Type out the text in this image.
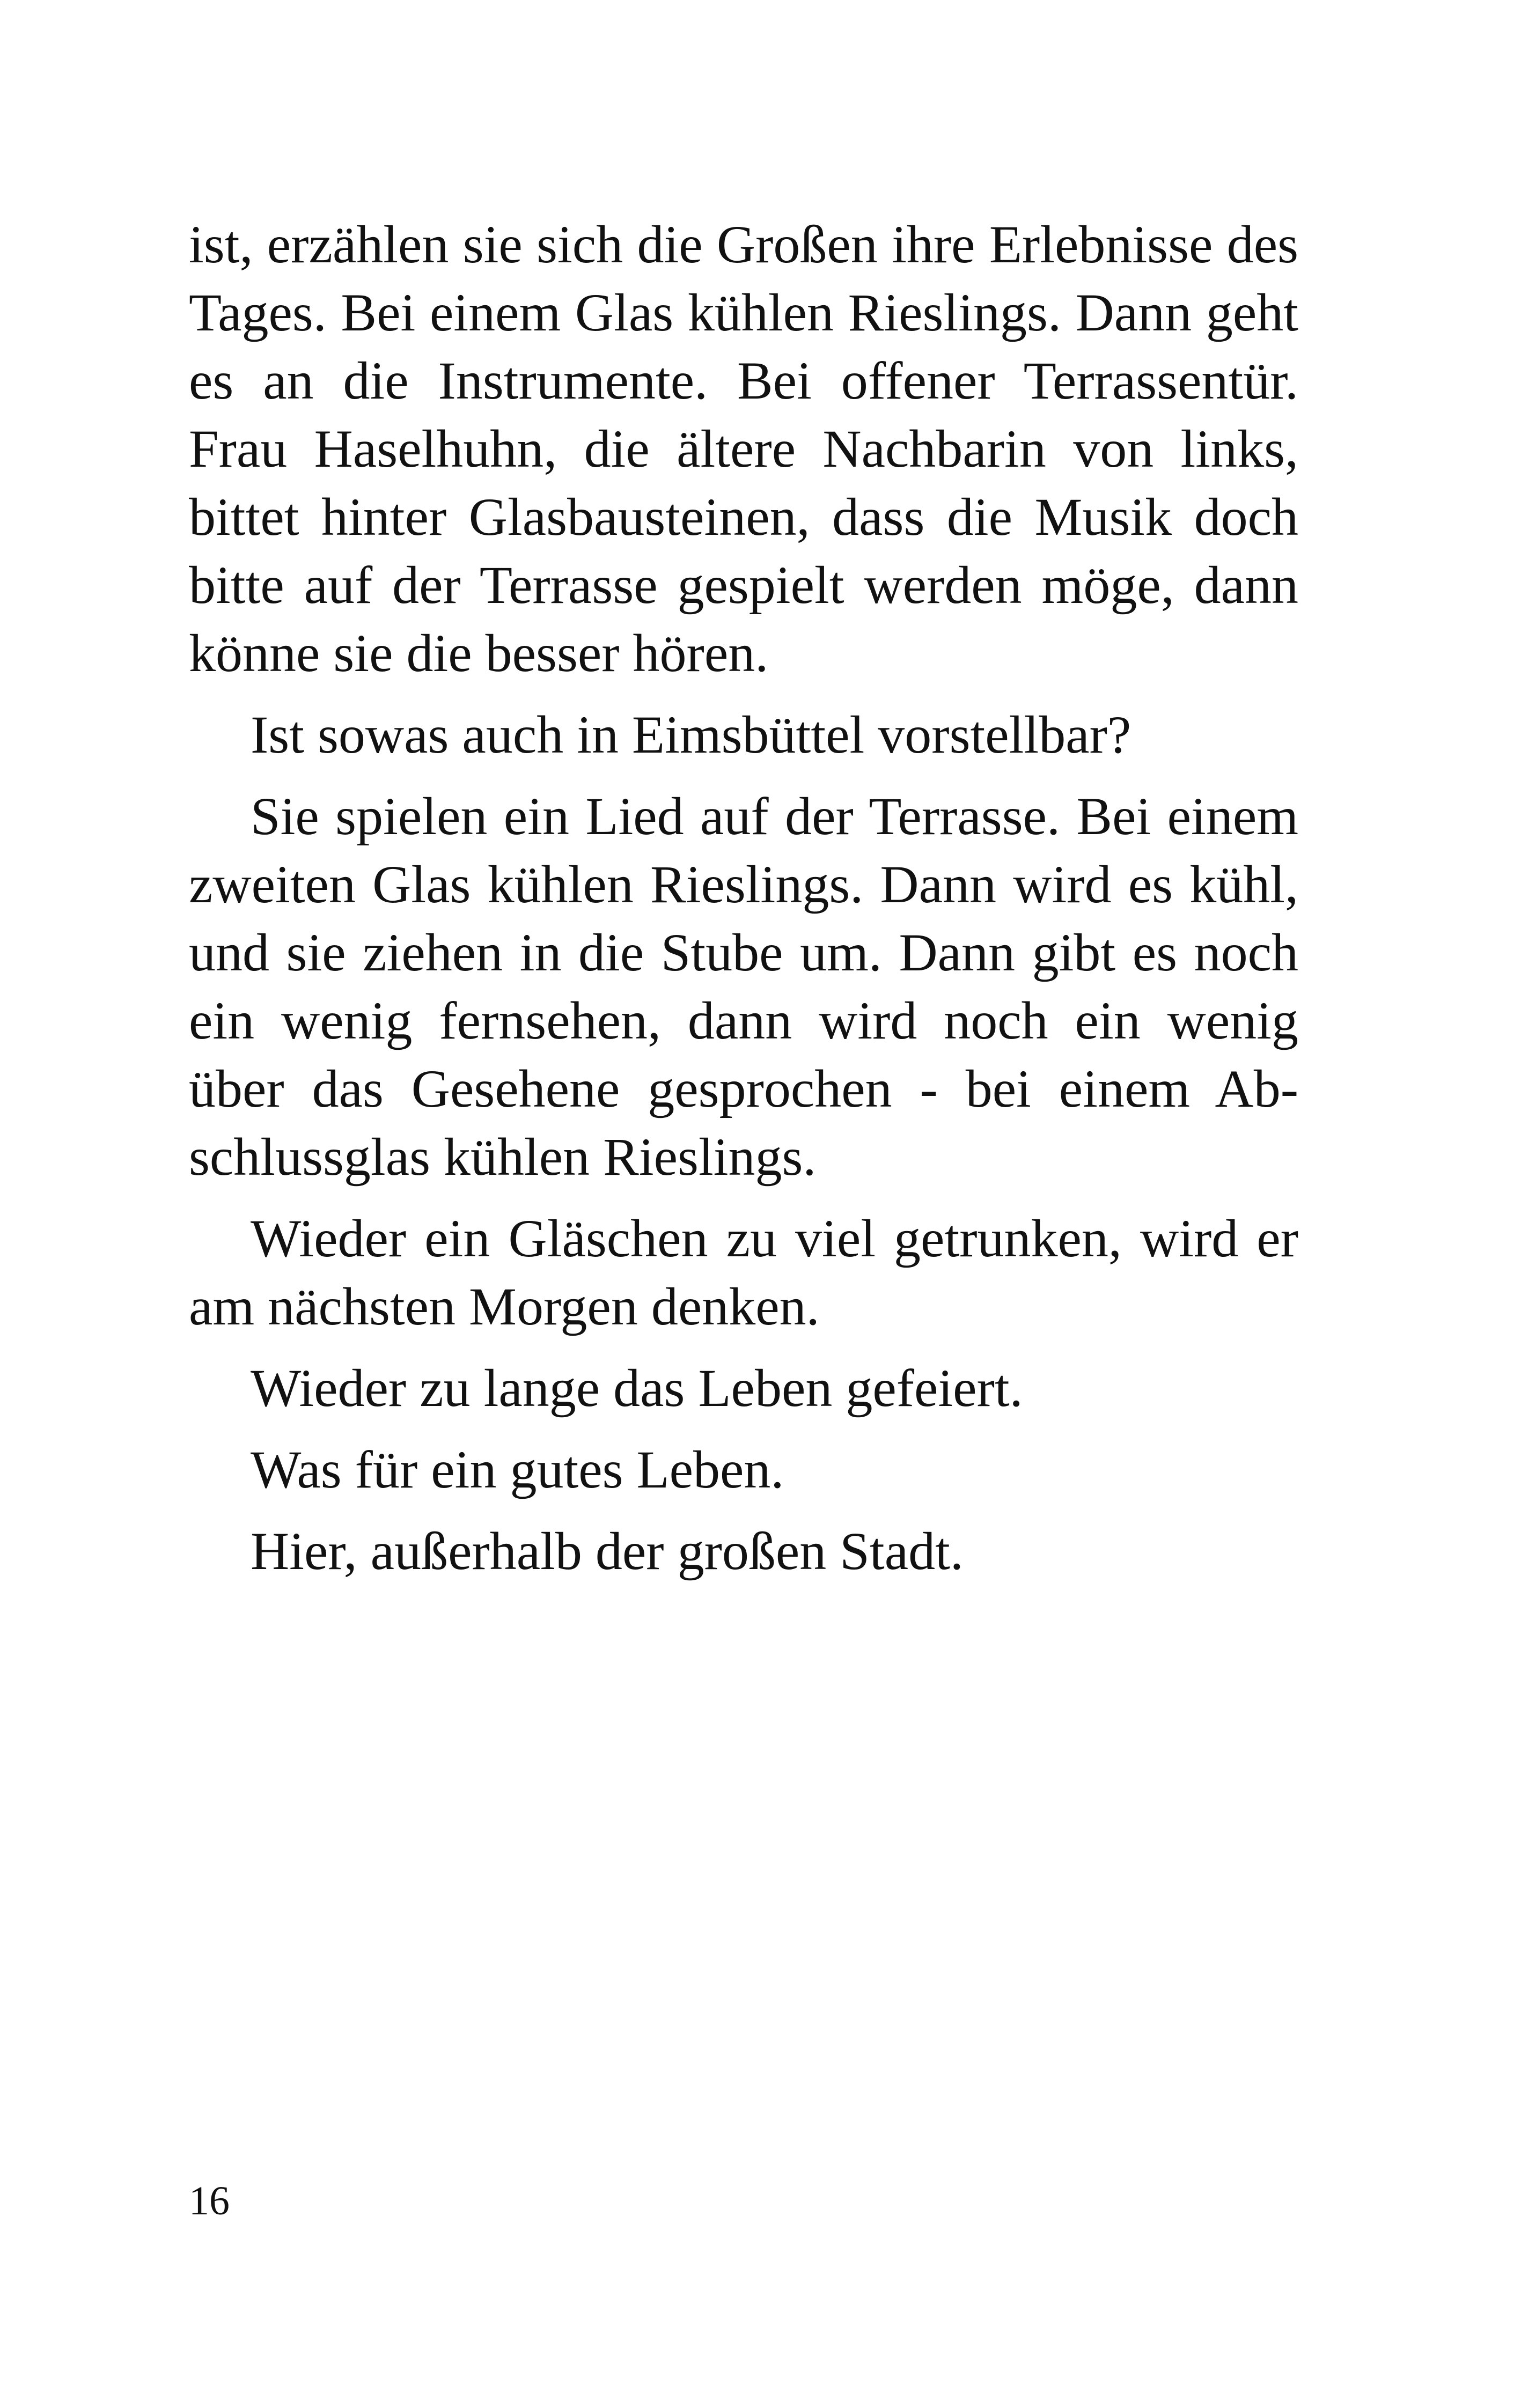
ist, erzählen sie sich die Großen ihre Erlebnisse des
Tages. Bei einem Glas kühlen Rieslings. Dann geht
es an die Instrumente. Bei offener Terrassentür.
Frau Haselhuhn, die ältere Nachbarin von links,
bittet hinter Glasbausteinen, dass die Musik doch
bitte auf der Terrasse gespielt werden möge, dann
könne sie die besser hören.

Ist sowas auch in Eimsbüttel vorstellbar?

Sie spielen ein Lied auf der Terrasse. Bei einem
zweiten Glas kühlen Rieslings. Dann wird es kühl,
und sie ziehen in die Stube um. Dann gibt es noch
ein wenig fernsehen, dann wird noch ein wenig
über das Gesehene gesprochen - bei einem Ab-
schlussglas kühlen Rieslings.

Wieder ein Gläschen zu viel getrunken, wird er
am nächsten Morgen denken.

Wieder zu lange das Leben gefeiert.

Was für ein gutes Leben.

Hier, außerhalb der großen Stadt.

16
